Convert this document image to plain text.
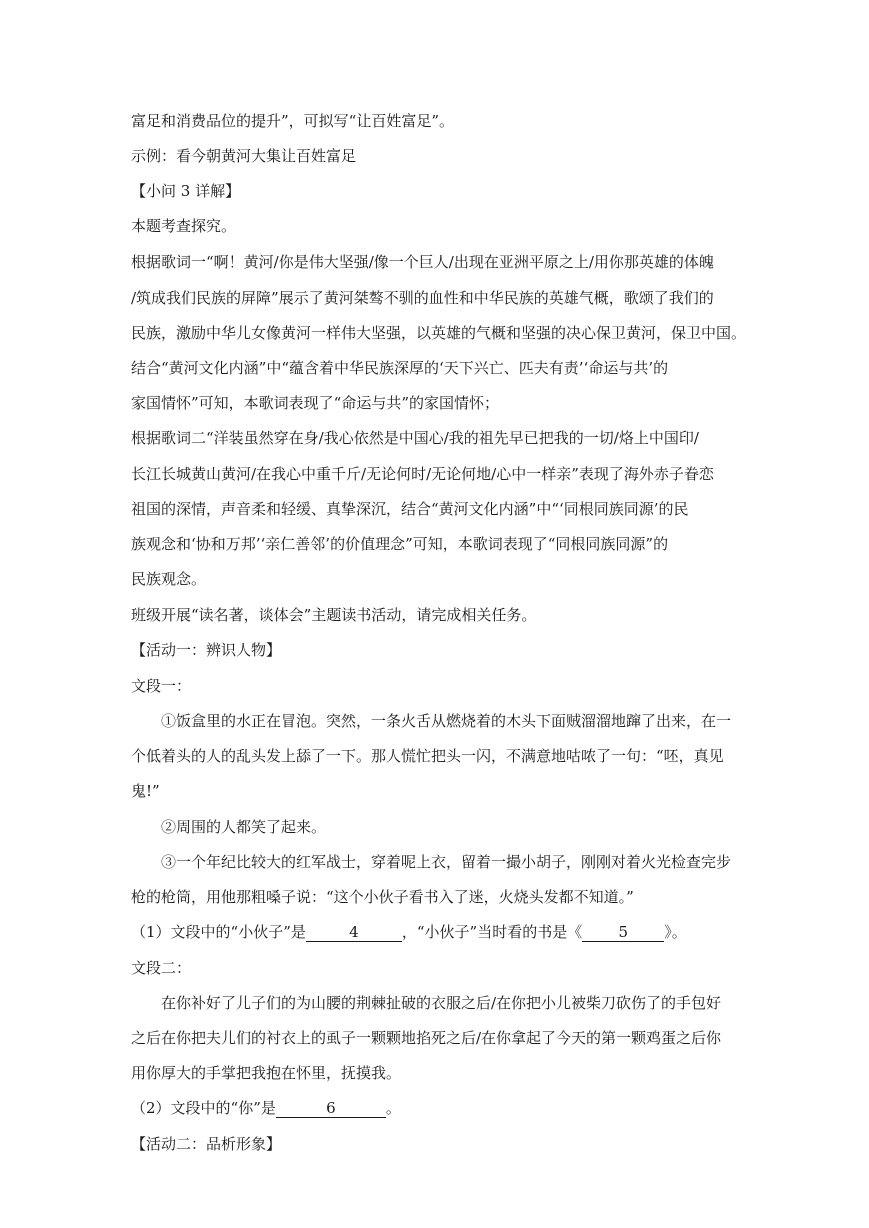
富足和消费品位的提升”，可拟写“让百姓富足”。
示例：看今朝黄河大集让百姓富足
【小问 3 详解】
本题考查探究。
根据歌词一“啊！黄河/你是伟大坚强/像一个巨人/出现在亚洲平原之上/用你那英雄的体魄
/筑成我们民族的屏障”展示了黄河桀骜不驯的血性和中华民族的英雄气概，歌颂了我们的
民族，激励中华儿女像黄河一样伟大坚强，以英雄的气概和坚强的决心保卫黄河，保卫中国。
结合“黄河文化内涵”中“蕴含着中华民族深厚的‘天下兴亡、匹夫有责’‘命运与共’的
家国情怀”可知，本歌词表现了“命运与共”的家国情怀；
根据歌词二“洋装虽然穿在身/我心依然是中国心/我的祖先早已把我的一切/烙上中国印/
长江长城黄山黄河/在我心中重千斤/无论何时/无论何地/心中一样亲”表现了海外赤子眷恋
祖国的深情，声音柔和轻缓、真挚深沉，结合“黄河文化内涵”中“‘同根同族同源’的民
族观念和‘协和万邦’‘亲仁善邻’的价值理念”可知，本歌词表现了“同根同族同源”的
民族观念。
班级开展“读名著，谈体会”主题读书活动，请完成相关任务。
【活动一：辨识人物】
文段一：
①饭盒里的水正在冒泡。突然，一条火舌从燃烧着的木头下面贼溜溜地蹿了出来，在一
个低着头的人的乱头发上舔了一下。那人慌忙把头一闪，不满意地咕哝了一句：“呸，真见
鬼!”
②周围的人都笑了起来。
③一个年纪比较大的红军战士，穿着呢上衣，留着一撮小胡子，刚刚对着火光检查完步
枪的枪筒，用他那粗嗓子说：“这个小伙子看书入了迷，火烧头发都不知道。”
（1）文段中的“小伙子”是	4	，“小伙子”当时看的书是《 5 》。
文段二：
在你补好了儿子们的为山腰的荆棘扯破的衣服之后/在你把小儿被柴刀砍伤了的手包好
之后在你把夫儿们的衬衣上的虱子一颗颗地掐死之后/在你拿起了今天的第一颗鸡蛋之后你
用你厚大的手掌把我抱在怀里，抚摸我。
（2）文段中的“你”是	6	。
【活动二：品析形象】
